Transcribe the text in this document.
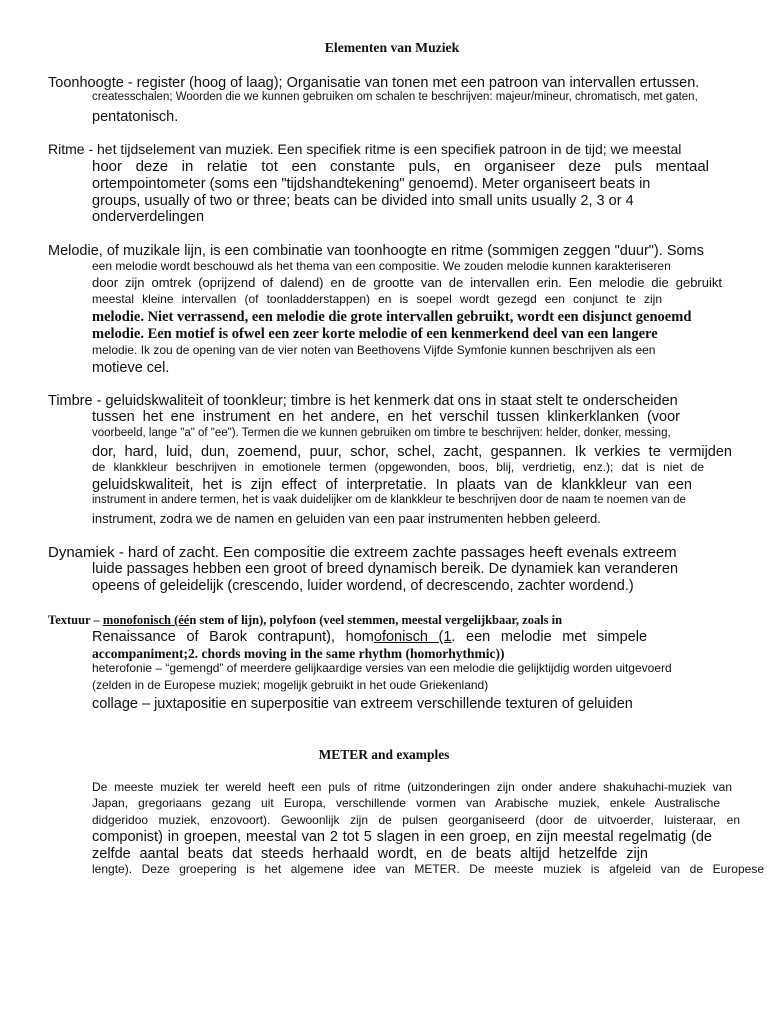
Elementen van Muziek

Toonhoogte - register (hoog of laag); Organisatie van tonen met een patroon van intervallen ertussen.

createsschalen; Woorden die we kunnen gebruiken om schalen te beschrijven: majeur/mineur, chromatisch, met gaten,

pentatonisch.

Ritme - het tijdselement van muziek. Een specifiek ritme is een specifiek patroon in de tijd; we meestal

hoor deze in relatie tot een constante puls, en organiseer deze puls mentaal

ortempointometer (soms een "tijdshandtekening" genoemd). Meter organiseert beats in

groups, usually of two or three; beats can be divided into small units usually 2, 3 or 4

onderverdelingen

Melodie, of muzikale lijn, is een combinatie van toonhoogte en ritme (sommigen zeggen "duur"). Soms

een melodie wordt beschouwd als het thema van een compositie. We zouden melodie kunnen karakteriseren

door zijn omtrek (oprijzend of dalend) en de grootte van de intervallen erin. Een melodie die gebruikt

meestal kleine intervallen (of toonladderstappen) en is soepel wordt gezegd een conjunct te zijn

melodie. Niet verrassend, een melodie die grote intervallen gebruikt, wordt een disjunct genoemd

melodie. Een motief is ofwel een zeer korte melodie of een kenmerkend deel van een langere

melodie. Ik zou de opening van de vier noten van Beethovens Vijfde Symfonie kunnen beschrijven als een

motieve cel.

Timbre - geluidskwaliteit of toonkleur; timbre is het kenmerk dat ons in staat stelt te onderscheiden

tussen het ene instrument en het andere, en het verschil tussen klinkerklanken (voor

voorbeeld, lange "a" of "ee"). Termen die we kunnen gebruiken om timbre te beschrijven: helder, donker, messing,

dor, hard, luid, dun, zoemend, puur, schor, schel, zacht, gespannen. Ik verkies te vermijden

de klankkleur beschrijven in emotionele termen (opgewonden, boos, blij, verdrietig, enz.); dat is niet de

geluidskwaliteit, het is zijn effect of interpretatie. In plaats van de klankkleur van een

instrument in andere termen, het is vaak duidelijker om de klankkleur te beschrijven door de naam te noemen van de

instrument, zodra we de namen en geluiden van een paar instrumenten hebben geleerd.

Dynamiek - hard of zacht. Een compositie die extreem zachte passages heeft evenals extreem

luide passages hebben een groot of breed dynamisch bereik. De dynamiek kan veranderen

opeens of geleidelijk (crescendo, luider wordend, of decrescendo, zachter wordend.)

Textuur – monofonisch (één stem of lijn), polyfoon (veel stemmen, meestal vergelijkbaar, zoals in

Renaissance of Barok contrapunt), homofonisch (1. een melodie met simpele

accompaniment;2. chords moving in the same rhythm (homorhythmic))

heterofonie – “gemengd” of meerdere gelijkaardige versies van een melodie die gelijktijdig worden uitgevoerd

(zelden in de Europese muziek; mogelijk gebruikt in het oude Griekenland)

collage – juxtapositie en superpositie van extreem verschillende texturen of geluiden

METER and examples

De meeste muziek ter wereld heeft een puls of ritme (uitzonderingen zijn onder andere shakuhachi-muziek van

Japan, gregoriaans gezang uit Europa, verschillende vormen van Arabische muziek, enkele Australische

didgeridoo muziek, enzovoort). Gewoonlijk zijn de pulsen georganiseerd (door de uitvoerder, luisteraar, en

componist) in groepen, meestal van 2 tot 5 slagen in een groep, en zijn meestal regelmatig (de

zelfde aantal beats dat steeds herhaald wordt, en de beats altijd hetzelfde zijn

lengte). Deze groepering is het algemene idee van METER. De meeste muziek is afgeleid van de Europese
